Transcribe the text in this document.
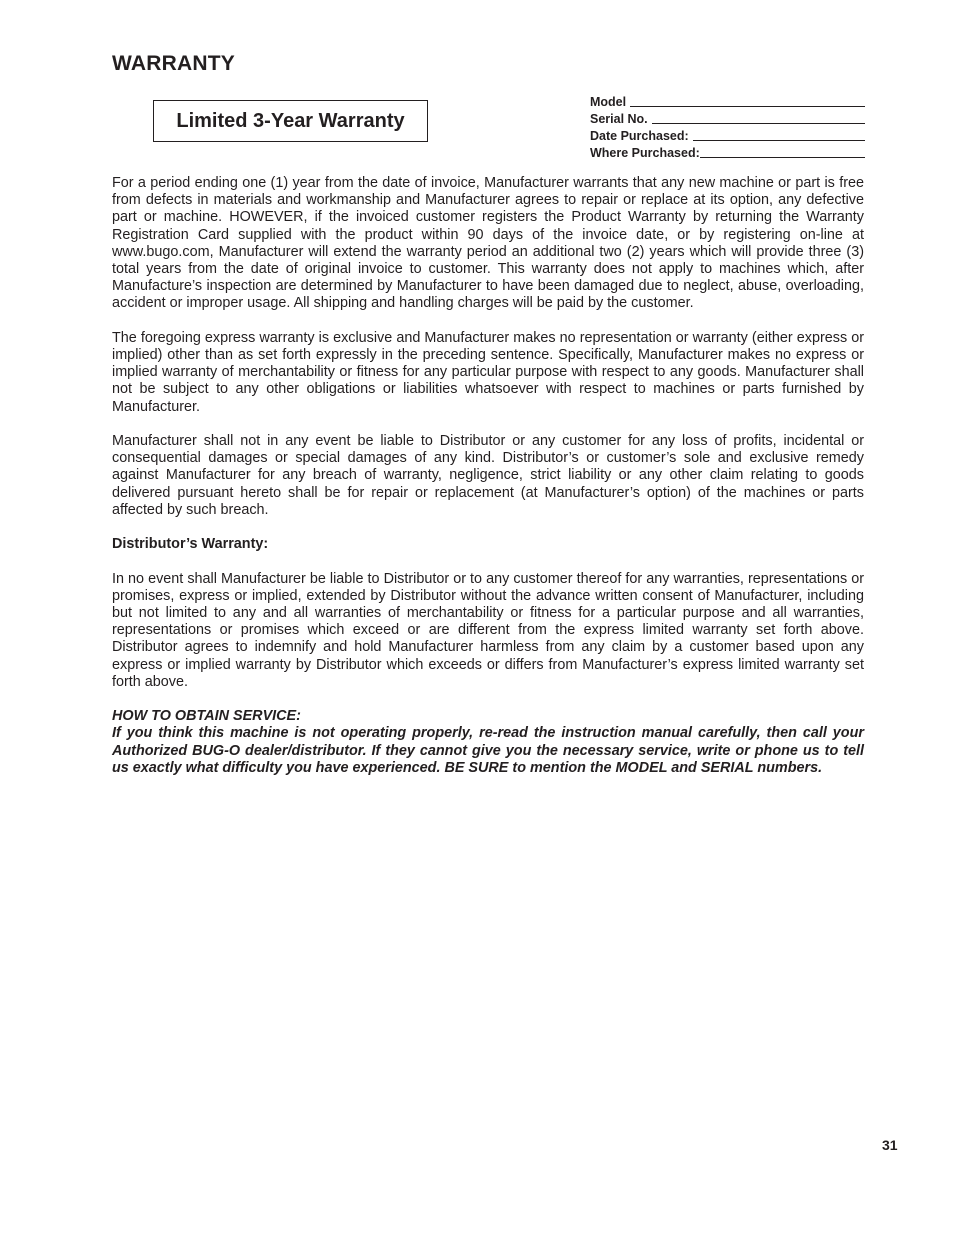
WARRANTY
Limited 3-Year Warranty
Model
Serial No.
Date Purchased:
Where Purchased:

For a period ending one (1) year from the date of invoice, Manufacturer warrants that any new machine or part is free from defects in materials and workmanship and Manufacturer agrees to repair or replace at its option, any defective part or machine. HOWEVER, if the invoiced customer registers the Product Warranty by returning the Warranty Registration Card supplied with the product within 90 days of the invoice date, or by registering on-line at www.bugo.com, Manufacturer will extend the warranty period an additional two (2) years which will provide three (3) total years from the date of original invoice to customer. This warranty does not apply to machines which, after Manufacture’s inspection are determined by Manufacturer to have been damaged due to neglect, abuse, overloading, accident or improper usage. All shipping and handling charges will be paid by the customer.

The foregoing express warranty is exclusive and Manufacturer makes no representation or warranty (either express or implied) other than as set forth expressly in the preceding sentence. Specifically, Manufacturer makes no express or implied warranty of merchantability or fitness for any particular purpose with respect to any goods. Manufacturer shall not be subject to any other obligations or liabilities whatsoever with respect to machines or parts furnished by Manufacturer.

Manufacturer shall not in any event be liable to Distributor or any customer for any loss of profits, incidental or consequential damages or special damages of any kind. Distributor’s or customer’s sole and exclusive remedy against Manufacturer for any breach of warranty, negligence, strict liability or any other claim relating to goods delivered pursuant hereto shall be for repair or replacement (at Manufacturer’s option) of the machines or parts affected by such breach.

Distributor’s Warranty:

In no event shall Manufacturer be liable to Distributor or to any customer thereof for any warranties, representations or promises, express or implied, extended by Distributor without the advance written consent of Manufacturer, including but not limited to any and all warranties of merchantability or fitness for a particular purpose and all warranties, representations or promises which exceed or are different from the express limited warranty set forth above. Distributor agrees to indemnify and hold Manufacturer harmless from any claim by a customer based upon any express or implied warranty by Distributor which exceeds or differs from Manufacturer’s express limited warranty set forth above.

HOW TO OBTAIN SERVICE:
If you think this machine is not operating properly, re-read the instruction manual carefully, then call your Authorized BUG-O dealer/distributor. If they cannot give you the necessary service, write or phone us to tell us exactly what difficulty you have experienced. BE SURE to mention the MODEL and SERIAL numbers.

31
